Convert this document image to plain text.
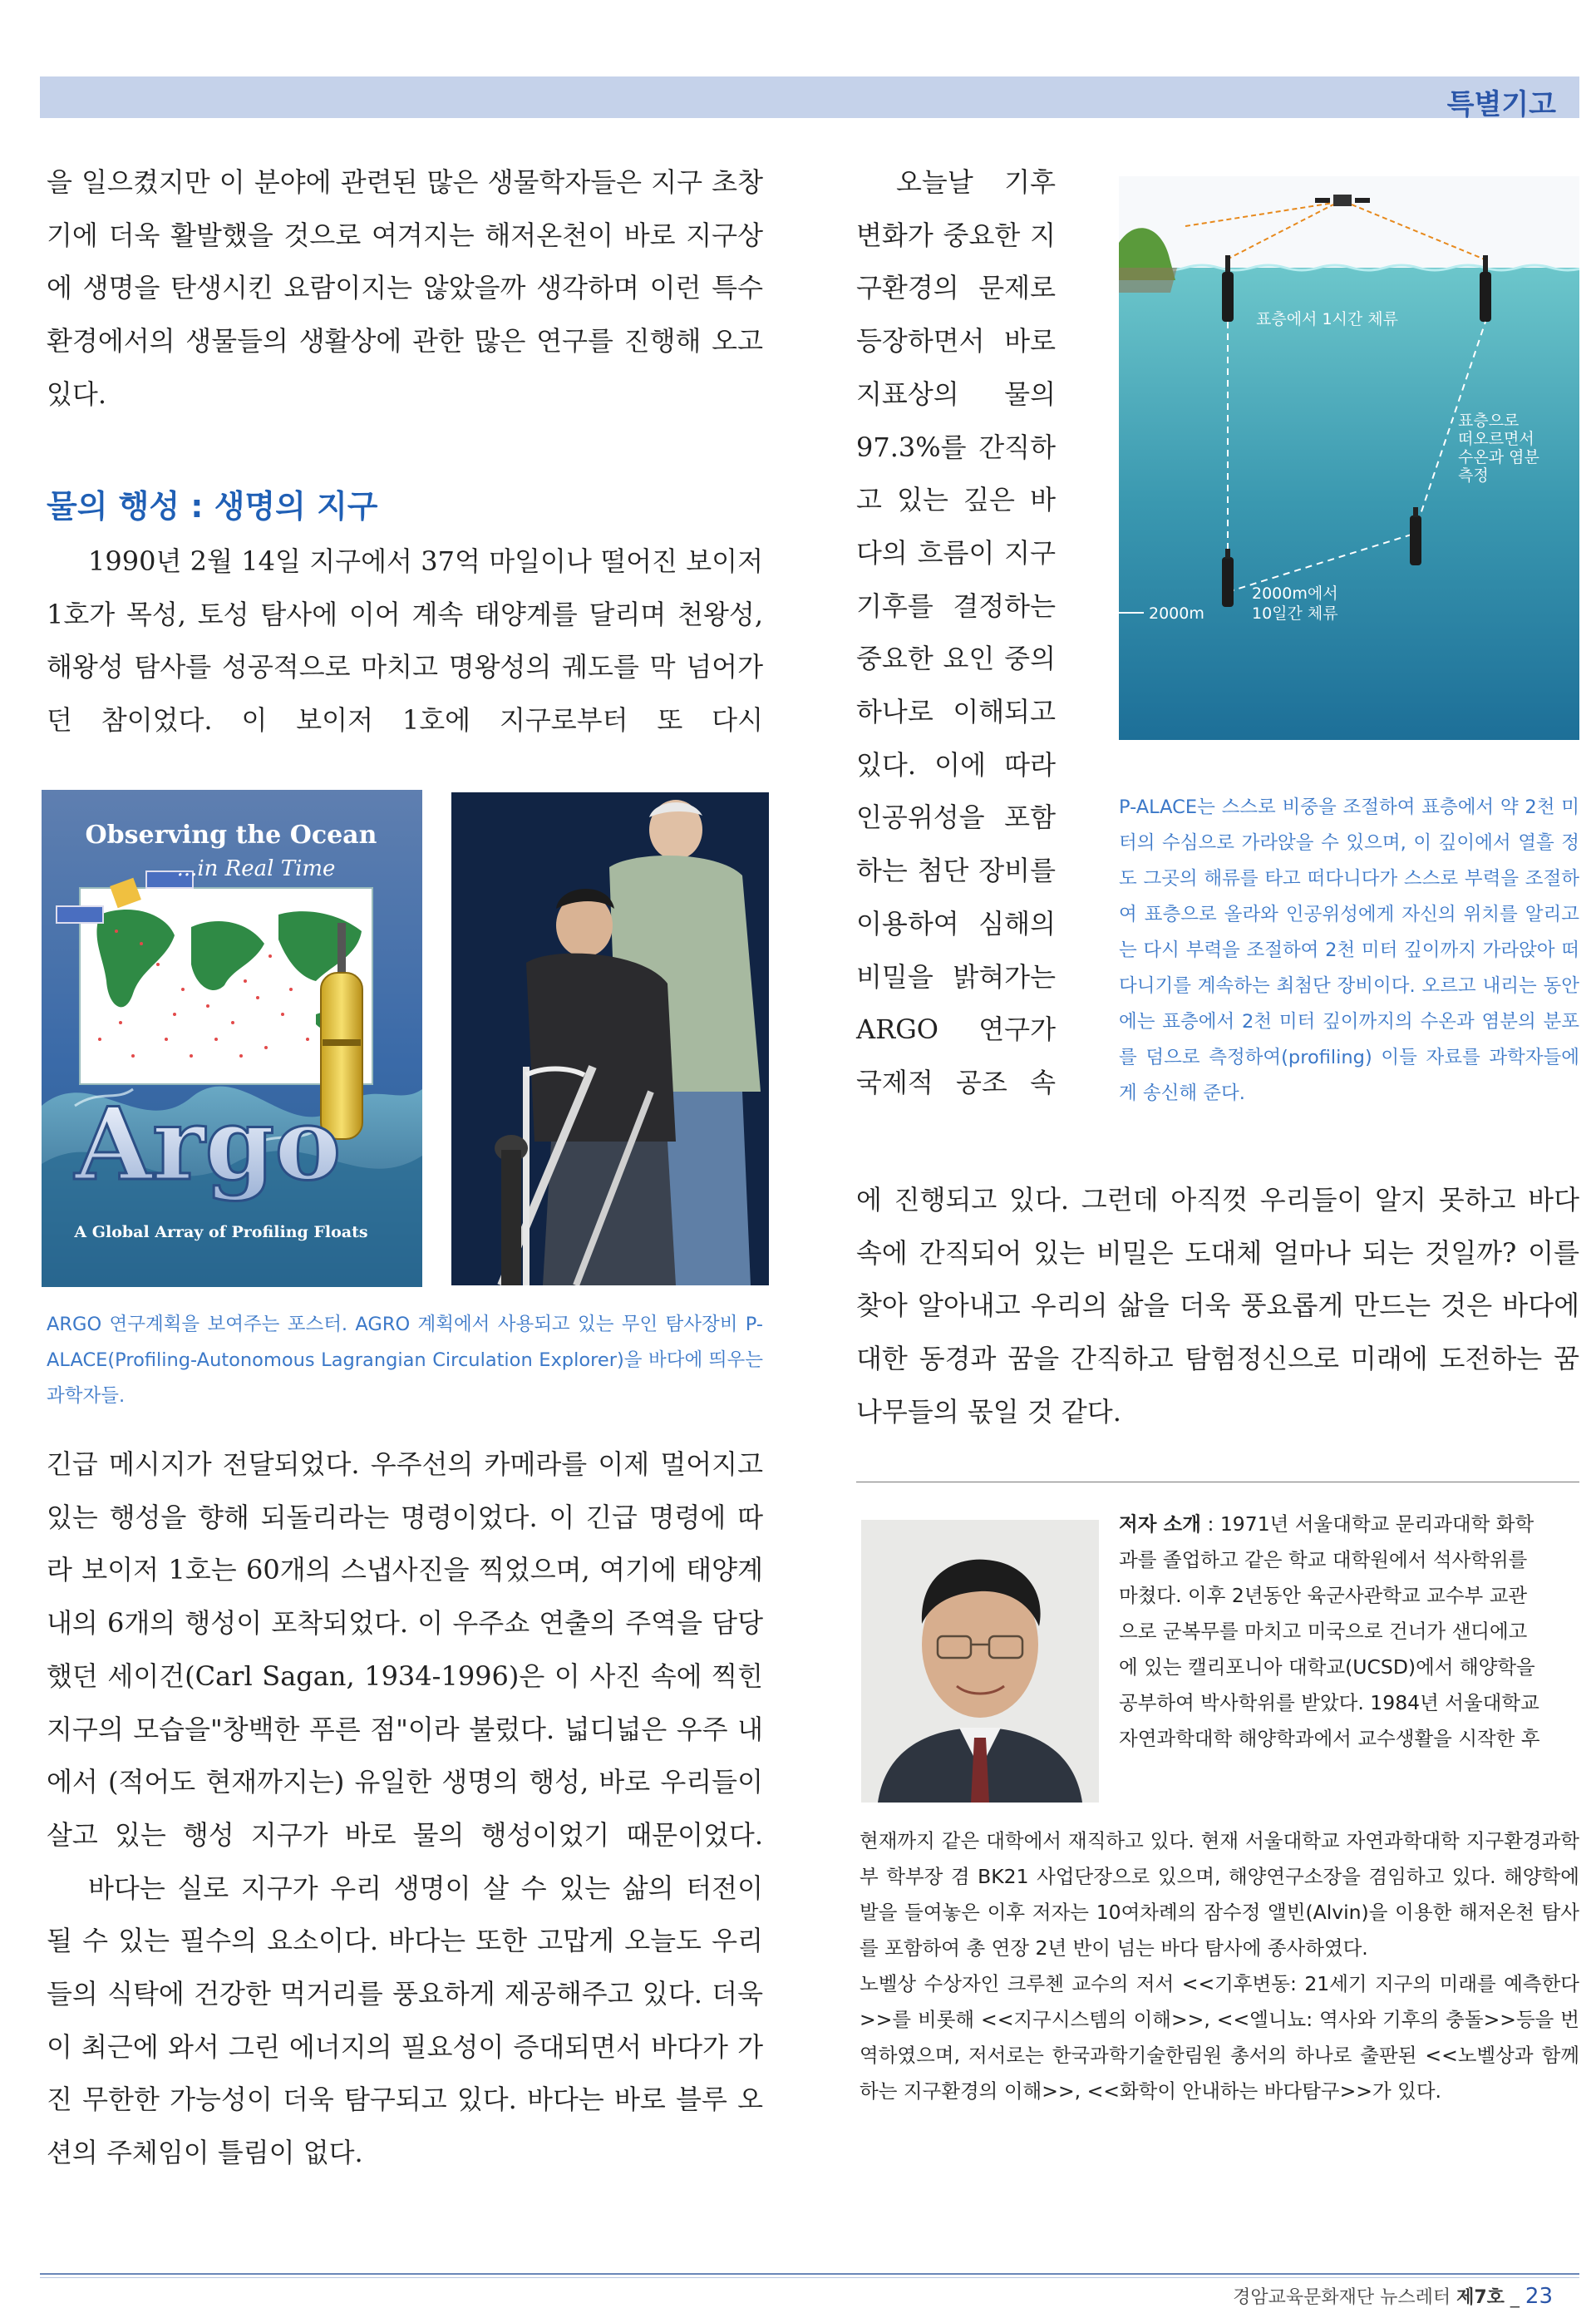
특별기고

을 일으켰지만 이 분야에 관련된 많은 생물학자들은 지구 초창기에 더욱 활발했을 것으로 여겨지는 해저온천이 바로 지구상에 생명을 탄생시킨 요람이지는 않았을까 생각하며 이런 특수 환경에서의 생물들의 생활상에 관한 많은 연구를 진행해 오고 있다.

물의 행성 : 생명의 지구

1990년 2월 14일 지구에서 37억 마일이나 떨어진 보이저 1호가 목성, 토성 탐사에 이어 계속 태양계를 달리며 천왕성, 해왕성 탐사를 성공적으로 마치고 명왕성의 궤도를 막 넘어가던 참이었다. 이 보이저 1호에 지구로부터 또 다시

Observing the Ocean
...in Real Time
Argo
A Global Array of Profiling Floats

ARGO 연구계획을 보여주는 포스터. AGRO 계획에서 사용되고 있는 무인 탐사장비 P-ALACE(Profiling-Autonomous Lagrangian Circulation Explorer)을 바다에 띄우는 과학자들.

긴급 메시지가 전달되었다. 우주선의 카메라를 이제 멀어지고 있는 행성을 향해 되돌리라는 명령이었다. 이 긴급 명령에 따라 보이저 1호는 60개의 스냅사진을 찍었으며, 여기에 태양계 내의 6개의 행성이 포착되었다. 이 우주쇼 연출의 주역을 담당했던 세이건(Carl Sagan, 1934-1996)은 이 사진 속에 찍힌 지구의 모습을"창백한 푸른 점"이라 불렀다. 넓디넓은 우주 내에서 (적어도 현재까지는) 유일한 생명의 행성, 바로 우리들이 살고 있는 행성 지구가 바로 물의 행성이었기 때문이었다.

바다는 실로 지구가 우리 생명이 살 수 있는 삶의 터전이 될 수 있는 필수의 요소이다. 바다는 또한 고맙게 오늘도 우리들의 식탁에 건강한 먹거리를 풍요하게 제공해주고 있다. 더욱이 최근에 와서 그린 에너지의 필요성이 증대되면서 바다가 가진 무한한 가능성이 더욱 탐구되고 있다. 바다는 바로 블루 오션의 주체임이 틀림이 없다.

오늘날 기후변화가 중요한 지구환경의 문제로 등장하면서 바로 지표상의 물의 97.3%를 간직하고 있는 깊은 바다의 흐름이 지구기후를 결정하는 중요한 요인 중의 하나로 이해되고 있다. 이에 따라 인공위성을 포함하는 첨단 장비를 이용하여 심해의 비밀을 밝혀가는 ARGO 연구가 국제적 공조 속

표층에서 1시간 체류
표층으로
떠오르면서
수온과 염분
측정
2000m
2000m에서
10일간 체류

P-ALACE는 스스로 비중을 조절하여 표층에서 약 2천 미터의 수심으로 가라앉을 수 있으며, 이 깊이에서 열흘 정도 그곳의 해류를 타고 떠다니다가 스스로 부력을 조절하여 표층으로 올라와 인공위성에게 자신의 위치를 알리고는 다시 부력을 조절하여 2천 미터 깊이까지 가라앉아 떠다니기를 계속하는 최첨단 장비이다. 오르고 내리는 동안에는 표층에서 2천 미터 깊이까지의 수온과 염분의 분포를 덤으로 측정하여(profiling) 이들 자료를 과학자들에게 송신해 준다.

에 진행되고 있다. 그런데 아직껏 우리들이 알지 못하고 바다 속에 간직되어 있는 비밀은 도대체 얼마나 되는 것일까? 이를 찾아 알아내고 우리의 삶을 더욱 풍요롭게 만드는 것은 바다에 대한 동경과 꿈을 간직하고 탐험정신으로 미래에 도전하는 꿈나무들의 몫일 것 같다.

저자 소개 : 1971년 서울대학교 문리과대학 화학

과를 졸업하고 같은 학교 대학원에서 석사학위를

마쳤다. 이후 2년동안 육군사관학교 교수부 교관

으로 군복무를 마치고 미국으로 건너가 샌디에고

에 있는 캘리포니아 대학교(UCSD)에서 해양학을

공부하여 박사학위를 받았다. 1984년 서울대학교

자연과학대학 해양학과에서 교수생활을 시작한 후

현재까지 같은 대학에서 재직하고 있다. 현재 서울대학교 자연과학대학 지구환경과학부 학부장 겸 BK21 사업단장으로 있으며, 해양연구소장을 겸임하고 있다. 해양학에 발을 들여놓은 이후 저자는 10여차례의 잠수정 앨빈(Alvin)을 이용한 해저온천 탐사를 포함하여 총 연장 2년 반이 넘는 바다 탐사에 종사하였다.

노벨상 수상자인 크루첸 교수의 저서 <<기후변동: 21세기 지구의 미래를 예측한다>>를 비롯해 <<지구시스템의 이해>>, <<엘니뇨: 역사와 기후의 충돌>>등을 번역하였으며, 저서로는 한국과학기술한림원 총서의 하나로 출판된 <<노벨상과 함께 하는 지구환경의 이해>>, <<화학이 안내하는 바다탐구>>가 있다.

경암교육문화재단 뉴스레터 제7호 _ 23
